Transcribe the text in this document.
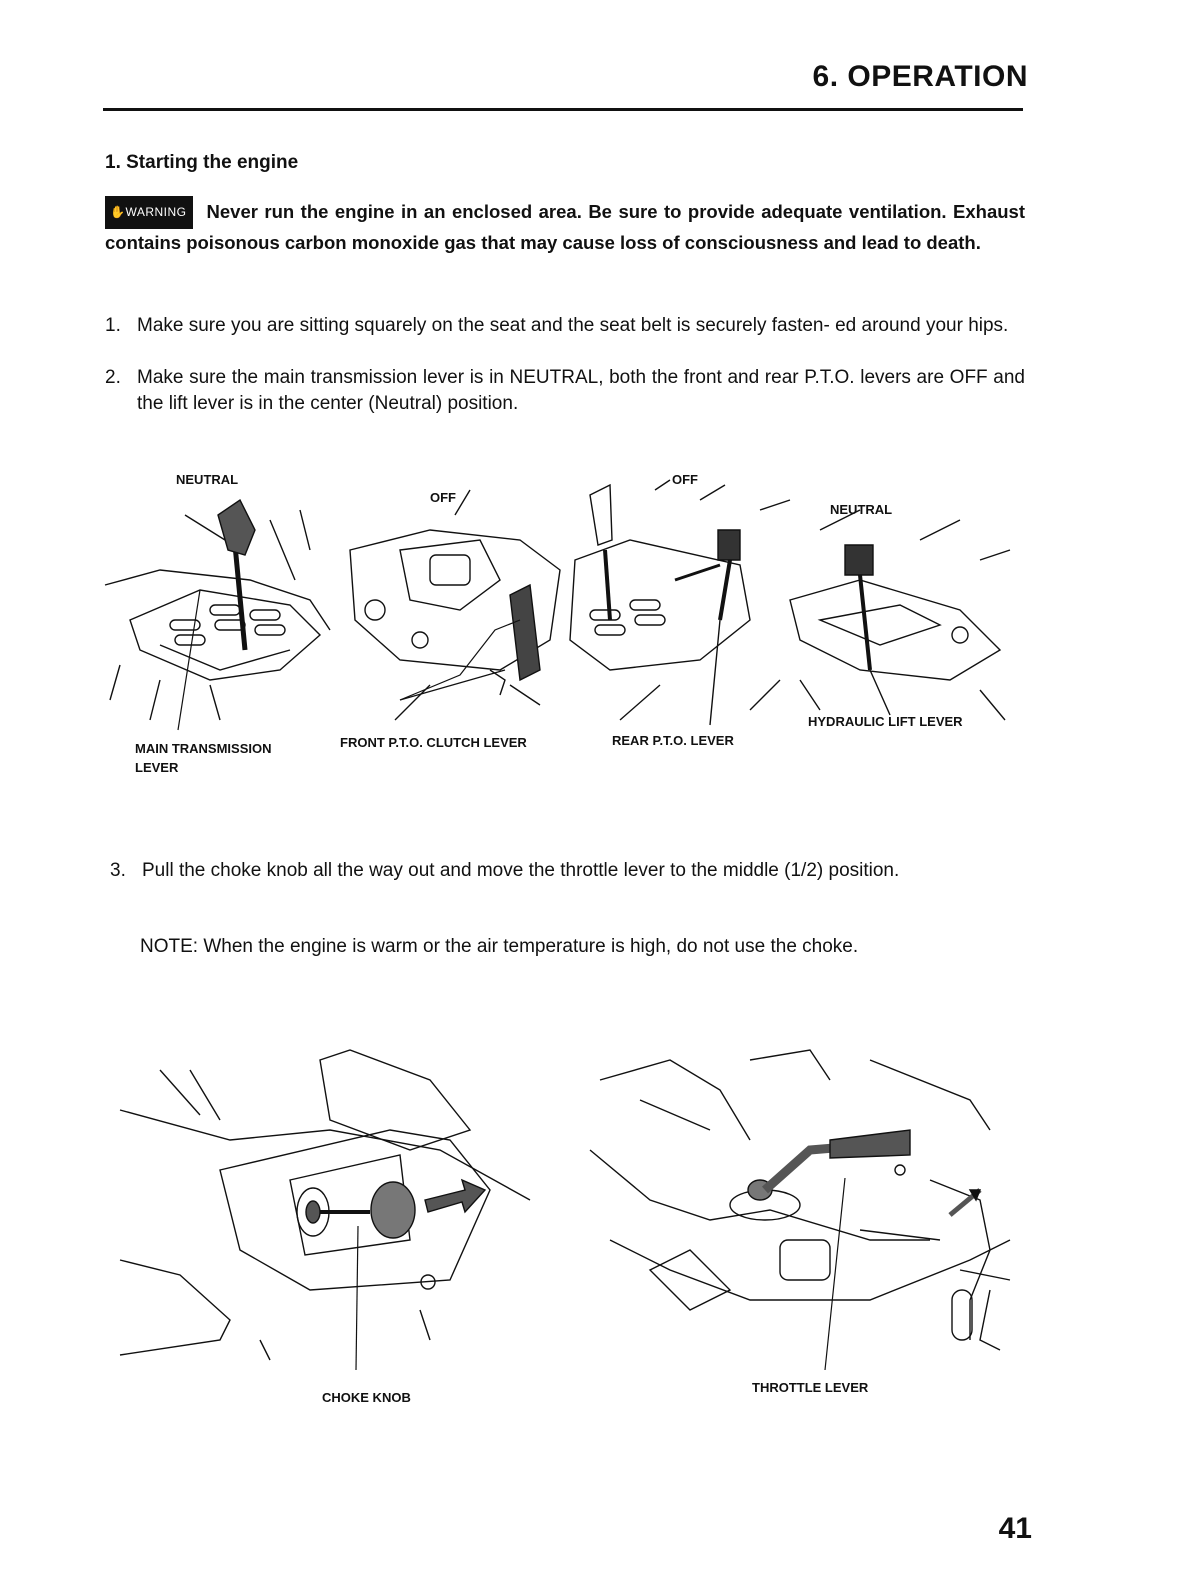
6. OPERATION
1. Starting the engine
✋WARNING Never run the engine in an enclosed area. Be sure to provide adequate ventilation. Exhaust contains poisonous carbon monoxide gas that may cause loss of consciousness and lead to death.
1. Make sure you are sitting squarely on the seat and the seat belt is securely fasten- ed around your hips.
2. Make sure the main transmission lever is in NEUTRAL, both the front and rear P.T.O. levers are OFF and the lift lever is in the center (Neutral) position.
NEUTRAL
OFF
OFF
NEUTRAL
MAIN TRANSMISSION
LEVER
FRONT P.T.O. CLUTCH LEVER	REAR P.T.O. LEVER
HYDRAULIC LIFT LEVER
3. Pull the choke knob all the way out and move the throttle lever to the middle (1/2) position.
NOTE: When the engine is warm or the air temperature is high, do not use the choke.
CHOKE KNOB
THROTTLE LEVER
41
